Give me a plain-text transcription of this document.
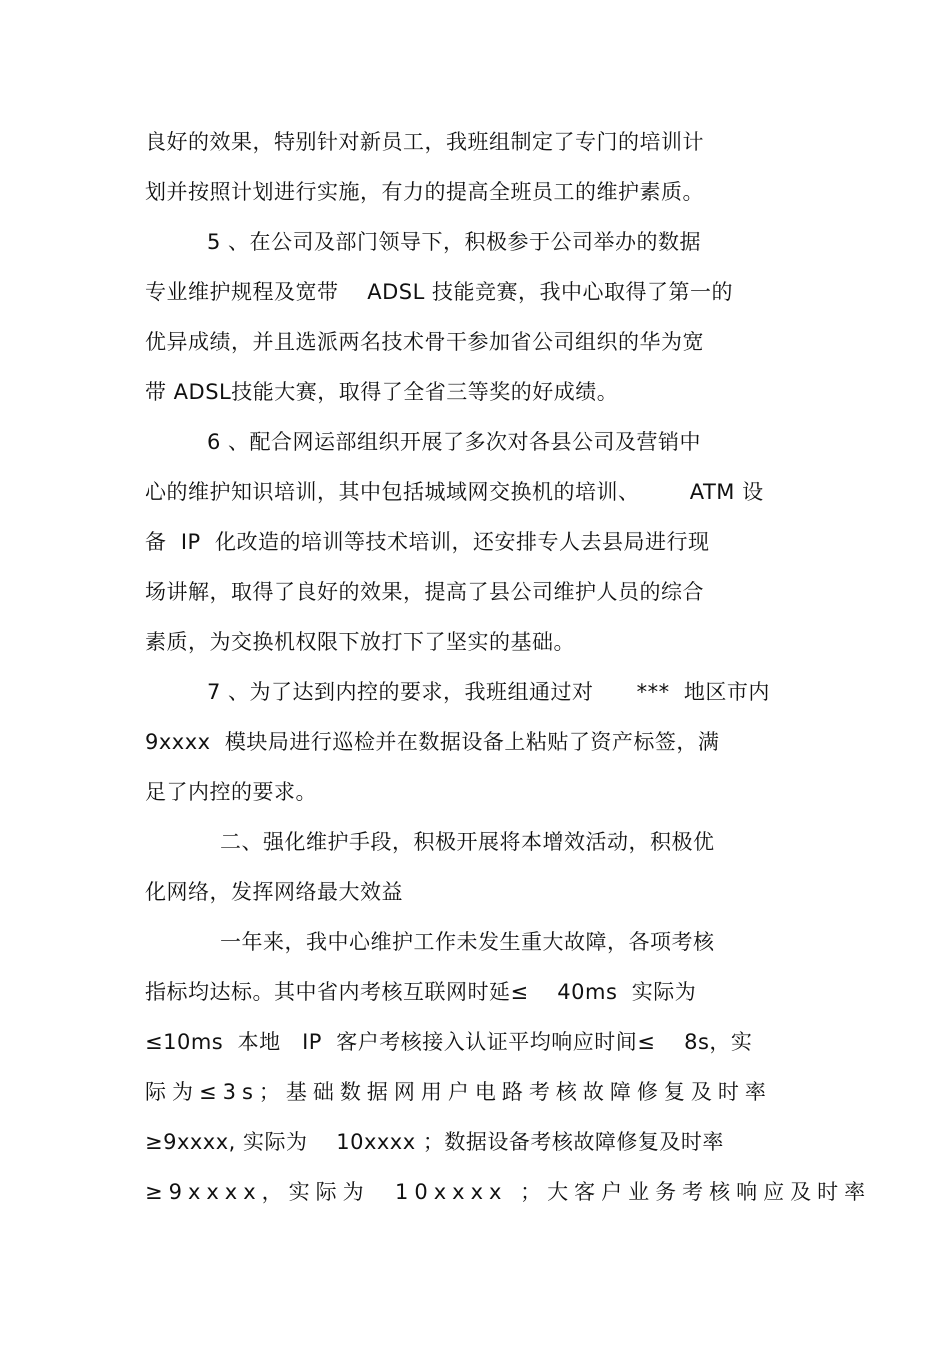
良好的效果，特别针对新员工，我班组制定了专门的培训计
划并按照计划进行实施，有力的提高全班员工的维护素质。
5 、在公司及部门领导下，积极参于公司举办的数据
专业维护规程及宽带    ADSL 技能竞赛，我中心取得了第一的
优异成绩，并且选派两名技术骨干参加省公司组织的华为宽
带 ADSL技能大赛，取得了全省三等奖的好成绩。
6 、配合网运部组织开展了多次对各县公司及营销中
心的维护知识培训，其中包括城域网交换机的培训、       ATM 设
备  IP  化改造的培训等技术培训，还安排专人去县局进行现
场讲解，取得了良好的效果，提高了县公司维护人员的综合
素质，为交换机权限下放打下了坚实的基础。
7 、为了达到内控的要求，我班组通过对      ***  地区市内
9xxxx  模块局进行巡检并在数据设备上粘贴了资产标签，满
足了内控的要求。
二、强化维护手段，积极开展将本增效活动，积极优
化网络，发挥网络最大效益
一年来，我中心维护工作未发生重大故障，各项考核
指标均达标。其中省内考核互联网时延≤    40ms  实际为
≤10ms  本地   IP  客户考核接入认证平均响应时间≤    8s，实
际为≤3s；基础数据网用户电路考核故障修复及时率
≥9xxxx, 实际为    10xxxx ；数据设备考核故障修复及时率
≥9xxxx，实际为  10xxxx ；大客户业务考核响应及时率
